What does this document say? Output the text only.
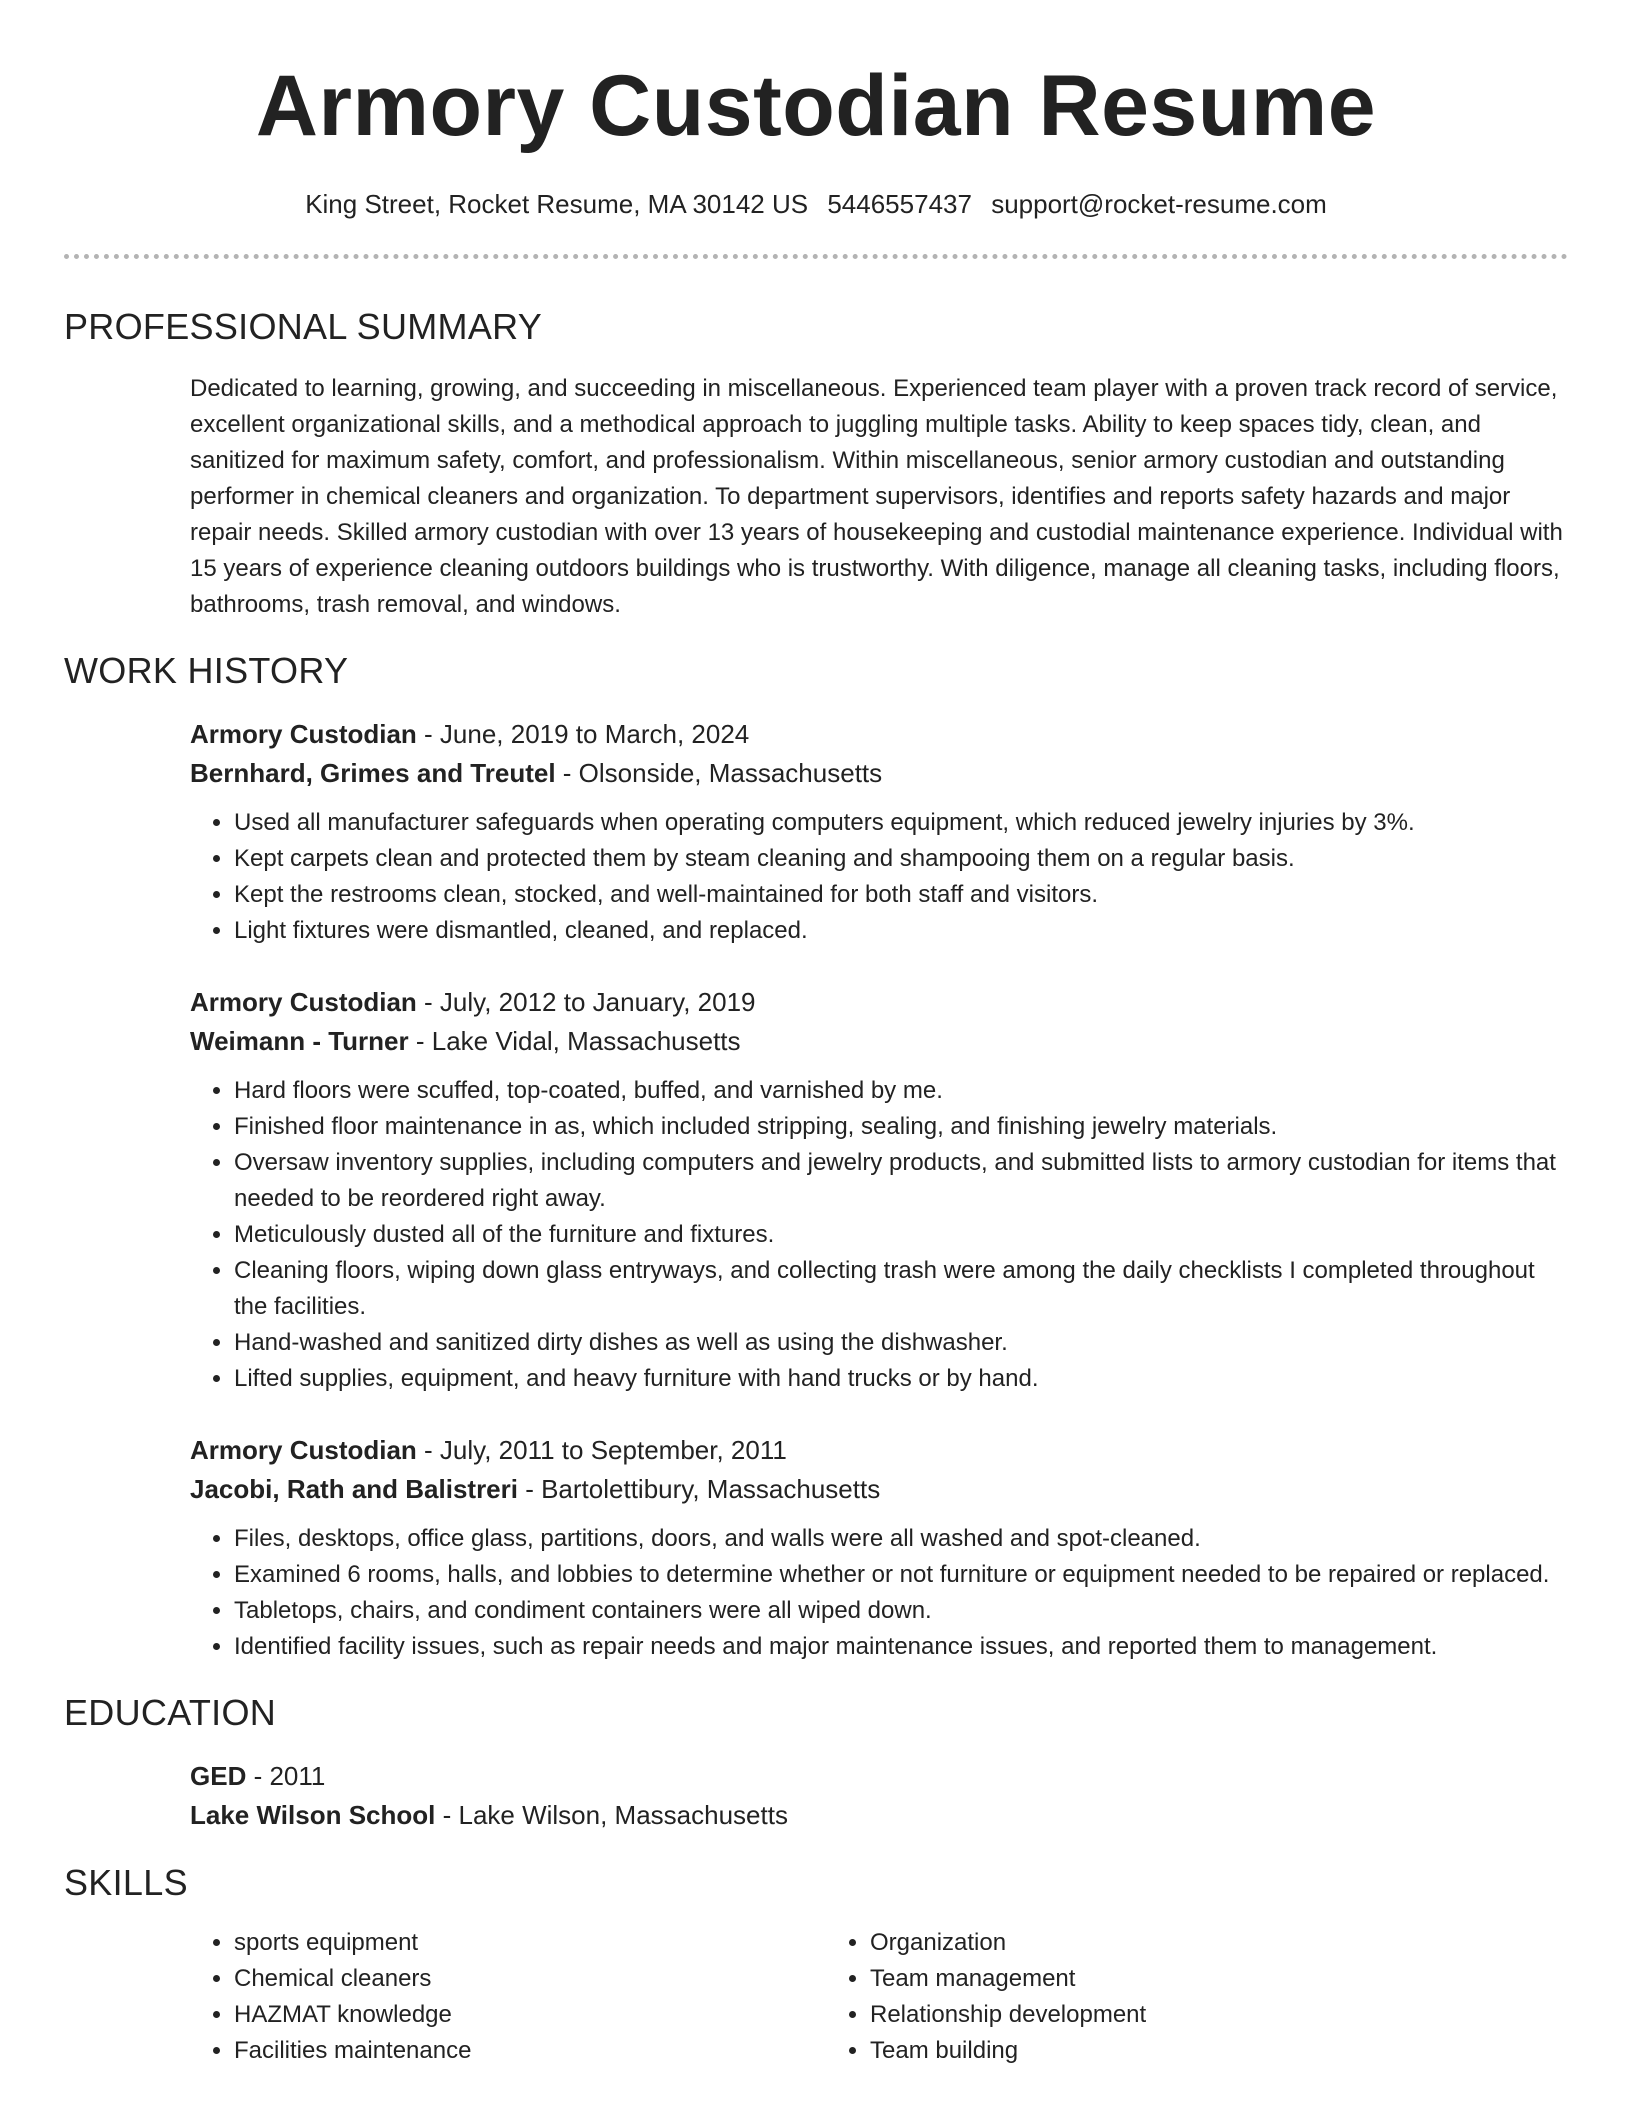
Armory Custodian Resume
King Street, Rocket Resume, MA 30142 US 5446557437 support@rocket-resume.com
PROFESSIONAL SUMMARY
Dedicated to learning, growing, and succeeding in miscellaneous. Experienced team player with a proven track record of service, excellent organizational skills, and a methodical approach to juggling multiple tasks. Ability to keep spaces tidy, clean, and sanitized for maximum safety, comfort, and professionalism. Within miscellaneous, senior armory custodian and outstanding performer in chemical cleaners and organization. To department supervisors, identifies and reports safety hazards and major repair needs. Skilled armory custodian with over 13 years of housekeeping and custodial maintenance experience. Individual with 15 years of experience cleaning outdoors buildings who is trustworthy. With diligence, manage all cleaning tasks, including floors, bathrooms, trash removal, and windows.
WORK HISTORY
Armory Custodian - June, 2019 to March, 2024
Bernhard, Grimes and Treutel - Olsonside, Massachusetts
• Used all manufacturer safeguards when operating computers equipment, which reduced jewelry injuries by 3%.
• Kept carpets clean and protected them by steam cleaning and shampooing them on a regular basis.
• Kept the restrooms clean, stocked, and well-maintained for both staff and visitors.
• Light fixtures were dismantled, cleaned, and replaced.
Armory Custodian - July, 2012 to January, 2019
Weimann - Turner - Lake Vidal, Massachusetts
• Hard floors were scuffed, top-coated, buffed, and varnished by me.
• Finished floor maintenance in as, which included stripping, sealing, and finishing jewelry materials.
• Oversaw inventory supplies, including computers and jewelry products, and submitted lists to armory custodian for items that needed to be reordered right away.
• Meticulously dusted all of the furniture and fixtures.
• Cleaning floors, wiping down glass entryways, and collecting trash were among the daily checklists I completed throughout the facilities.
• Hand-washed and sanitized dirty dishes as well as using the dishwasher.
• Lifted supplies, equipment, and heavy furniture with hand trucks or by hand.
Armory Custodian - July, 2011 to September, 2011
Jacobi, Rath and Balistreri - Bartolettibury, Massachusetts
• Files, desktops, office glass, partitions, doors, and walls were all washed and spot-cleaned.
• Examined 6 rooms, halls, and lobbies to determine whether or not furniture or equipment needed to be repaired or replaced.
• Tabletops, chairs, and condiment containers were all wiped down.
• Identified facility issues, such as repair needs and major maintenance issues, and reported them to management.
EDUCATION
GED - 2011
Lake Wilson School - Lake Wilson, Massachusetts
SKILLS
• sports equipment
• Chemical cleaners
• HAZMAT knowledge
• Facilities maintenance
• Organization
• Team management
• Relationship development
• Team building
